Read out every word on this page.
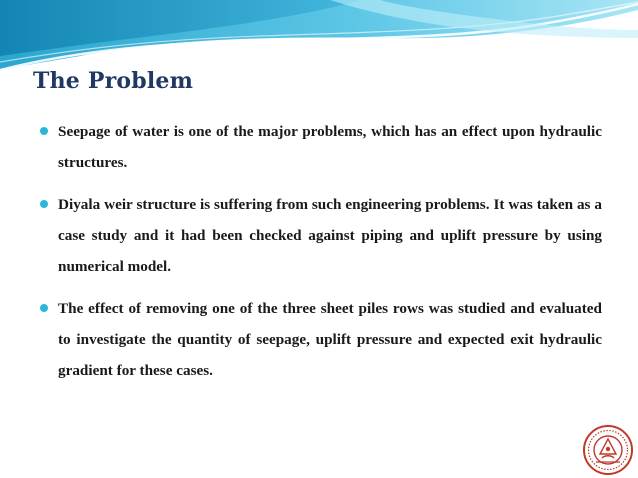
The Problem
Seepage of water is one of the major problems, which has an effect upon hydraulic structures.
Diyala weir structure is suffering from such engineering problems. It was taken as a case study and it had been checked against piping and uplift pressure by using numerical model.
The effect of removing one of the three sheet piles rows was studied and evaluated to investigate the quantity of seepage, uplift pressure and expected exit hydraulic gradient for these cases.
